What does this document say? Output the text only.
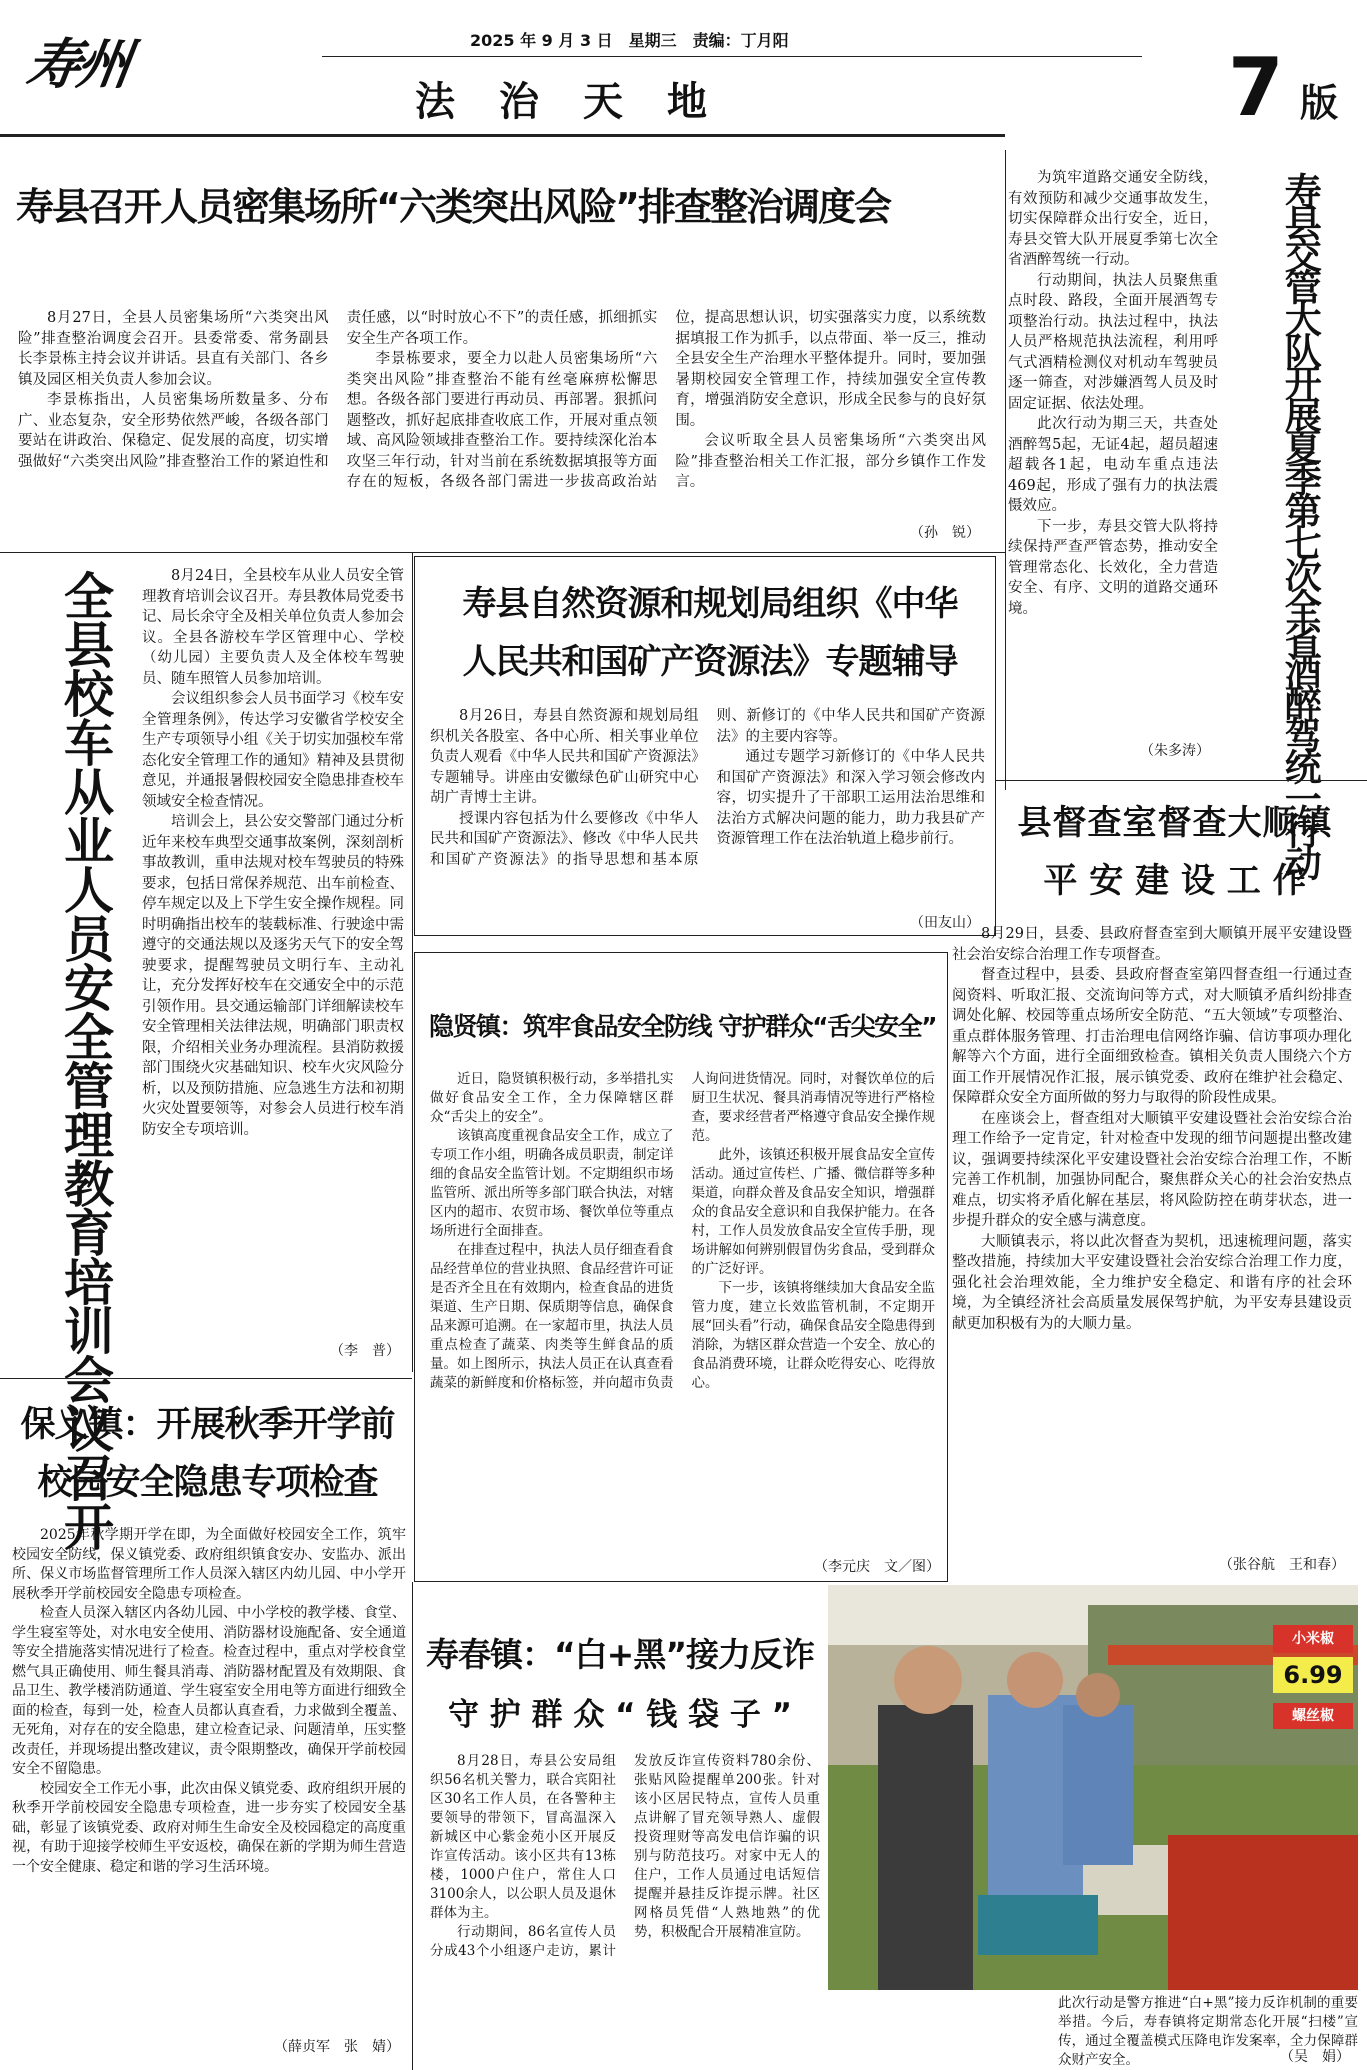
寿州	2025 年 9 月 3 日　星期三　责编：丁月阳
法　治　天　地	7 版
寿县召开人员密集场所“六类突出风险”排查整治调度会

8月27日，全县人员密集场所“六类突出风险”排查整治调度会召开。县委常委、常务副县长李景栋主持会议并讲话。县直有关部门、各乡镇及园区相关负责人参加会议。

李景栋指出，人员密集场所数量多、分布广、业态复杂，安全形势依然严峻，各级各部门要站在讲政治、保稳定、促发展的高度，切实增强做好“六类突出风险”排查整治工作的紧迫性和责任感，以“时时放心不下”的责任感，抓细抓实安全生产各项工作。

李景栋要求，要全力以赴人员密集场所“六类突出风险”排查整治不能有丝毫麻痹松懈思想。各级各部门要进行再动员、再部署。狠抓问题整改，抓好起底排查收底工作，开展对重点领域、高风险领域排查整治工作。要持续深化治本攻坚三年行动，针对当前在系统数据填报等方面存在的短板，各级各部门需进一步拔高政治站位，提高思想认识，切实强落实力度，以系统数据填报工作为抓手，以点带面、举一反三，推动全县安全生产治理水平整体提升。同时，要加强暑期校园安全管理工作，持续加强安全宣传教育，增强消防安全意识，形成全民参与的良好氛围。

会议听取全县人员密集场所“六类突出风险”排查整治相关工作汇报，部分乡镇作工作发言。

（孙　锐）

为筑牢道路交通安全防线，有效预防和减少交通事故发生，切实保障群众出行安全，近日，寿县交管大队开展夏季第七次全省酒醉驾统一行动。

行动期间，执法人员聚焦重点时段、路段，全面开展酒驾专项整治行动。执法过程中，执法人员严格规范执法流程，利用呼气式酒精检测仪对机动车驾驶员逐一筛查，对涉嫌酒驾人员及时固定证据、依法处理。

此次行动为期三天，共查处酒醉驾5起，无证4起，超员超速超载各1起，电动车重点违法469起，形成了强有力的执法震慑效应。

下一步，寿县交管大队将持续保持严查严管态势，推动安全管理常态化、长效化，全力营造安全、有序、文明的道路交通环境。

（朱多涛） 寿县交管大队开展夏季第七次全省酒醉驾统一行动
全县校车从业人员安全管理教育培训会议召开	8月24日，全县校车从业人员安全管理教育培训会议召开。寿县教体局党委书记、局长余守全及相关单位负责人参加会议。全县各游校车学区管理中心、学校（幼儿园）主要负责人及全体校车驾驶员、随车照管人员参加培训。

会议组织参会人员书面学习《校车安全管理条例》，传达学习安徽省学校安全生产专项领导小组《关于切实加强校车常态化安全管理工作的通知》精神及县贯彻意见，并通报暑假校园安全隐患排查校车领域安全检查情况。

培训会上，县公安交警部门通过分析近年来校车典型交通事故案例，深刻剖析事故教训，重申法规对校车驾驶员的特殊要求，包括日常保养规范、出车前检查、停车规定以及上下学生安全操作规程。同时明确指出校车的装载标准、行驶途中需遵守的交通法规以及逐劣天气下的安全驾驶要求，提醒驾驶员文明行车、主动礼让，充分发挥好校车在交通安全中的示范引领作用。县交通运输部门详细解读校车安全管理相关法律法规，明确部门职责权限，介绍相关业务办理流程。县消防救援部门围绕火灾基础知识、校车火灾风险分析，以及预防措施、应急逃生方法和初期火灾处置要领等，对参会人员进行校车消防安全专项培训。

（李　普）
寿县自然资源和规划局组织《中华
人民共和国矿产资源法》专题辅导

8月26日，寿县自然资源和规划局组织机关各股室、各中心所、相关事业单位负责人观看《中华人民共和国矿产资源法》专题辅导。讲座由安徽绿色矿山研究中心胡广青博士主讲。

授课内容包括为什么要修改《中华人民共和国矿产资源法》、修改《中华人民共和国矿产资源法》的指导思想和基本原则、新修订的《中华人民共和国矿产资源法》的主要内容等。

通过专题学习新修订的《中华人民共和国矿产资源法》和深入学习领会修改内容，切实提升了干部职工运用法治思维和法治方式解决问题的能力，助力我县矿产资源管理工作在法治轨道上稳步前行。

（田友山）
县督查室督查大顺镇
平 安 建 设 工 作

8月29日，县委、县政府督查室到大顺镇开展平安建设暨社会治安综合治理工作专项督查。

督查过程中，县委、县政府督查室第四督查组一行通过查阅资料、听取汇报、交流询问等方式，对大顺镇矛盾纠纷排查调处化解、校园等重点场所安全防范、“五大领域”专项整治、重点群体服务管理、打击治理电信网络诈骗、信访事项办理化解等六个方面，进行全面细致检查。镇相关负责人围绕六个方面工作开展情况作汇报，展示镇党委、政府在维护社会稳定、保障群众安全方面所做的努力与取得的阶段性成果。

在座谈会上，督查组对大顺镇平安建设暨社会治安综合治理工作给予一定肯定，针对检查中发现的细节问题提出整改建议，强调要持续深化平安建设暨社会治安综合治理工作，不断完善工作机制，加强协同配合，聚焦群众关心的社会治安热点难点，切实将矛盾化解在基层，将风险防控在萌芽状态，进一步提升群众的安全感与满意度。

大顺镇表示，将以此次督查为契机，迅速梳理问题，落实整改措施，持续加大平安建设暨社会治安综合治理工作力度，强化社会治理效能，全力维护安全稳定、和谐有序的社会环境，为全镇经济社会高质量发展保驾护航，为平安寿县建设贡献更加积极有为的大顺力量。

（张谷航　王和春）
隐贤镇：筑牢食品安全防线 守护群众“舌尖安全”

近日，隐贤镇积极行动，多举措扎实做好食品安全工作，全力保障辖区群众“舌尖上的安全”。

该镇高度重视食品安全工作，成立了专项工作小组，明确各成员职责，制定详细的食品安全监管计划。不定期组织市场监管所、派出所等多部门联合执法，对辖区内的超市、农贸市场、餐饮单位等重点场所进行全面排查。

在排查过程中，执法人员仔细查看食品经营单位的营业执照、食品经营许可证是否齐全且在有效期内，检查食品的进货渠道、生产日期、保质期等信息，确保食品来源可追溯。在一家超市里，执法人员重点检查了蔬菜、肉类等生鲜食品的质量。如上图所示，执法人员正在认真查看蔬菜的新鲜度和价格标签，并向超市负责人询问进货情况。同时，对餐饮单位的后厨卫生状况、餐具消毒情况等进行严格检查，要求经营者严格遵守食品安全操作规范。

此外，该镇还积极开展食品安全宣传活动。通过宣传栏、广播、微信群等多种渠道，向群众普及食品安全知识，增强群众的食品安全意识和自我保护能力。在各村，工作人员发放食品安全宣传手册，现场讲解如何辨别假冒伪劣食品，受到群众的广泛好评。

下一步，该镇将继续加大食品安全监管力度，建立长效监管机制，不定期开展“回头看”行动，确保食品安全隐患得到消除，为辖区群众营造一个安全、放心的食品消费环境，让群众吃得安心、吃得放心。

（李元庆　文／图）
保义镇：开展秋季开学前
校园安全隐患专项检查

2025年秋学期开学在即，为全面做好校园安全工作，筑牢校园安全防线，保义镇党委、政府组织镇食安办、安监办、派出所、保义市场监督管理所工作人员深入辖区内幼儿园、中小学开展秋季开学前校园安全隐患专项检查。

检查人员深入辖区内各幼儿园、中小学校的教学楼、食堂、学生寝室等处，对水电安全使用、消防器材设施配备、安全通道等安全措施落实情况进行了检查。检查过程中，重点对学校食堂燃气具正确使用、师生餐具消毒、消防器材配置及有效期限、食品卫生、教学楼消防通道、学生寝室安全用电等方面进行细致全面的检查，每到一处，检查人员都认真查看，力求做到全覆盖、无死角，对存在的安全隐患，建立检查记录、问题清单，压实整改责任，并现场提出整改建议，责令限期整改，确保开学前校园安全不留隐患。

校园安全工作无小事，此次由保义镇党委、政府组织开展的秋季开学前校园安全隐患专项检查，进一步夯实了校园安全基础，彰显了该镇党委、政府对师生生命安全及校园稳定的高度重视，有助于迎接学校师生平安返校，确保在新的学期为师生营造一个安全健康、稳定和谐的学习生活环境。

（薛贞军　张　婧）
小米椒
6.99
螺丝椒
寿春镇：“白+黑”接力反诈
守 护 群 众 “ 钱 袋 子 ”

8月28日，寿县公安局组织56名机关警力，联合宾阳社区30名工作人员，在各警种主要领导的带领下，冒高温深入新城区中心紫金苑小区开展反诈宣传活动。该小区共有13栋楼，1000户住户，常住人口3100余人，以公职人员及退休群体为主。

行动期间，86名宣传人员分成43个小组逐户走访，累计发放反诈宣传资料780余份、张贴风险提醒单200张。针对该小区居民特点，宣传人员重点讲解了冒充领导熟人、虚假投资理财等高发电信诈骗的识别与防范技巧。对家中无人的住户，工作人员通过电话短信提醒并悬挂反诈提示牌。社区网格员凭借“人熟地熟”的优势，积极配合开展精准宣防。

此次行动是警方推进“白+黑”接力反诈机制的重要举措。今后，寿春镇将定期常态化开展“扫楼”宣传，通过全覆盖模式压降电诈发案率，全力保障群众财产安全。	（吴　娟）
